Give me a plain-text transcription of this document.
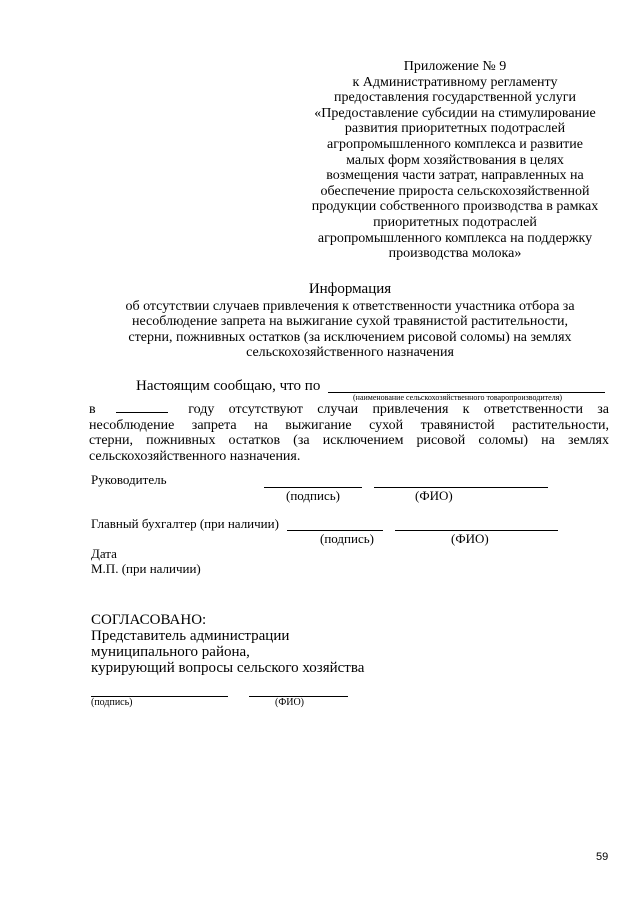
Приложение № 9
к Административному регламенту
предоставления государственной услуги
«Предоставление субсидии на стимулирование
развития приоритетных подотраслей
агропромышленного комплекса и развитие
малых форм хозяйствования в целях
возмещения части затрат, направленных на
обеспечение прироста сельскохозяйственной
продукции собственного производства в рамках
приоритетных подотраслей
агропромышленного комплекса на поддержку
производства молока»
Информация
об отсутствии случаев привлечения к ответственности участника отбора за
несоблюдение запрета на выжигание сухой травянистой растительности,
стерни, пожнивных остатков (за исключением рисовой соломы) на землях
сельскохозяйственного назначения
Настоящим сообщаю, что по
(наименование сельскохозяйственного товаропроизводителя)
в	году отсутствуют случаи привлечения к ответственности за
несоблюдение запрета на выжигание сухой травянистой растительности,
стерни, пожнивных остатков (за исключением рисовой соломы) на землях
сельскохозяйственного назначения.
Руководитель
(подпись)	(ФИО)
Главный бухгалтер (при наличии)
(подпись)	(ФИО)
Дата
М.П. (при наличии)
СОГЛАСОВАНО:
Представитель администрации
муниципального района,
курирующий вопросы сельского хозяйства
(подпись)	(ФИО)
59
